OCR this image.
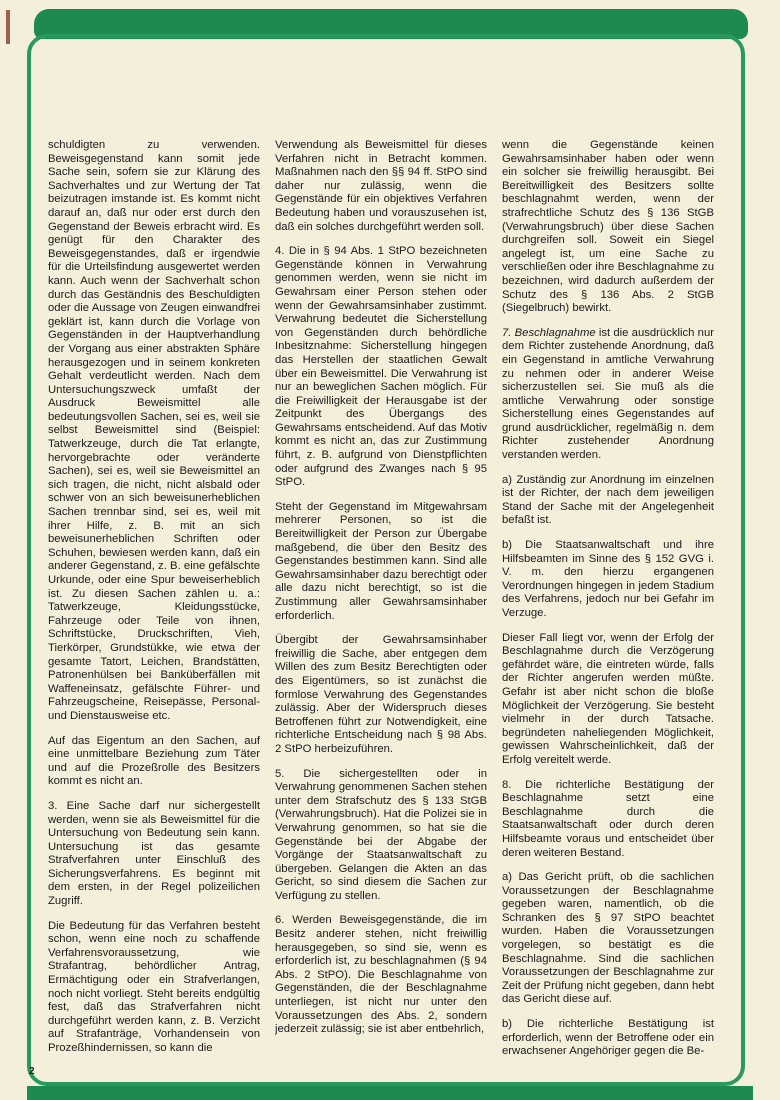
schuldigten zu verwenden. Beweisgegenstand kann somit jede Sache sein, sofern sie zur Klärung des Sachverhaltes und zur Wertung der Tat beizutragen imstande ist. Es kommt nicht darauf an, daß nur oder erst durch den Gegenstand der Beweis erbracht wird. Es genügt für den Charakter des Beweisgegenstandes, daß er irgendwie für die Urteilsfindung ausgewertet werden kann. Auch wenn der Sachverhalt schon durch das Geständnis des Beschuldigten oder die Aussage von Zeugen einwandfrei geklärt ist, kann durch die Vorlage von Gegenständen in der Hauptverhandlung der Vorgang aus einer abstrakten Sphäre herausgezogen und in seinem konkreten Gehalt verdeutlicht werden. Nach dem Untersuchungszweck umfaßt der Ausdruck Beweismittel alle bedeutungsvollen Sachen, sei es, weil sie selbst Beweismittel sind (Beispiel: Tatwerkzeuge, durch die Tat erlangte, hervorgebrachte oder veränderte Sachen), sei es, weil sie Beweismittel an sich tragen, die nicht, nicht alsbald oder schwer von an sich beweisunerheblichen Sachen trennbar sind, sei es, weil mit ihrer Hilfe, z. B. mit an sich beweisunerheblichen Schriften oder Schuhen, bewiesen werden kann, daß ein anderer Gegenstand, z. B. eine gefälschte Urkunde, oder eine Spur beweiserheblich ist. Zu diesen Sachen zählen u. a.: Tatwerkzeuge, Kleidungsstücke, Fahrzeuge oder Teile von ihnen, Schriftstücke, Druckschriften, Vieh, Tierkörper, Grundstükke, wie etwa der gesamte Tatort, Leichen, Brandstätten, Patronenhülsen bei Banküberfällen mit Waffeneinsatz, gefälschte Führer- und Fahrzeugscheine, Reisepässe, Personal- und Dienstausweise etc.

Auf das Eigentum an den Sachen, auf eine unmittelbare Beziehung zum Täter und auf die Prozeßrolle des Besitzers kommt es nicht an.

3. Eine Sache darf nur sichergestellt werden, wenn sie als Beweismittel für die Untersuchung von Bedeutung sein kann. Untersuchung ist das gesamte Strafverfahren unter Einschluß des Sicherungsverfahrens. Es beginnt mit dem ersten, in der Regel polizeilichen Zugriff.

Die Bedeutung für das Verfahren besteht schon, wenn eine noch zu schaffende Verfahrensvoraussetzung, wie Strafantrag, behördlicher Antrag, Ermächtigung oder ein Strafverlangen, noch nicht vorliegt. Steht bereits endgültig fest, daß das Strafverfahren nicht durchgeführt werden kann, z. B. Verzicht auf Strafanträge, Vorhandensein von Prozeßhindernissen, so kann die

Verwendung als Beweismittel für dieses Verfahren nicht in Betracht kommen. Maßnahmen nach den §§ 94 ff. StPO sind daher nur zulässig, wenn die Gegenstände für ein objektives Verfahren Bedeutung haben und vorauszusehen ist, daß ein solches durchgeführt werden soll.

4. Die in § 94 Abs. 1 StPO bezeichneten Gegenstände können in Verwahrung genommen werden, wenn sie nicht im Gewahrsam einer Person stehen oder wenn der Gewahrsamsinhaber zustimmt. Verwahrung bedeutet die Sicherstellung von Gegenständen durch behördliche Inbesitznahme: Sicherstellung hingegen das Herstellen der staatlichen Gewalt über ein Beweismittel. Die Verwahrung ist nur an beweglichen Sachen möglich. Für die Freiwilligkeit der Herausgabe ist der Zeitpunkt des Übergangs des Gewahrsams entscheidend. Auf das Motiv kommt es nicht an, das zur Zustimmung führt, z. B. aufgrund von Dienstpflichten oder aufgrund des Zwanges nach § 95 StPO.

Steht der Gegenstand im Mitgewahrsam mehrerer Personen, so ist die Bereitwilligkeit der Person zur Übergabe maßgebend, die über den Besitz des Gegenstandes bestimmen kann. Sind alle Gewahrsamsinhaber dazu berechtigt oder alle dazu nicht berechtigt, so ist die Zustimmung aller Gewahrsamsinhaber erforderlich.

Übergibt der Gewahrsamsinhaber freiwillig die Sache, aber entgegen dem Willen des zum Besitz Berechtigten oder des Eigentümers, so ist zunächst die formlose Verwahrung des Gegenstandes zulässig. Aber der Widerspruch dieses Betroffenen führt zur Notwendigkeit, eine richterliche Entscheidung nach § 98 Abs. 2 StPO herbeizuführen.

5. Die sichergestellten oder in Verwahrung genommenen Sachen stehen unter dem Strafschutz des § 133 StGB (Verwahrungsbruch). Hat die Polizei sie in Verwahrung genommen, so hat sie die Gegenstände bei der Abgabe der Vorgänge der Staatsanwaltschaft zu übergeben. Gelangen die Akten an das Gericht, so sind diesem die Sachen zur Verfügung zu stellen.

6. Werden Beweisgegenstände, die im Besitz anderer stehen, nicht freiwillig herausgegeben, so sind sie, wenn es erforderlich ist, zu beschlagnahmen (§ 94 Abs. 2 StPO). Die Beschlagnahme von Gegenständen, die der Beschlagnahme unterliegen, ist nicht nur unter den Voraussetzungen des Abs. 2, sondern jederzeit zulässig; sie ist aber entbehrlich,

wenn die Gegenstände keinen Gewahrsamsinhaber haben oder wenn ein solcher sie freiwillig herausgibt. Bei Bereitwilligkeit des Besitzers sollte beschlagnahmt werden, wenn der strafrechtliche Schutz des § 136 StGB (Verwahrungsbruch) über diese Sachen durchgreifen soll. Soweit ein Siegel angelegt ist, um eine Sache zu verschließen oder ihre Beschlagnahme zu bezeichnen, wird dadurch außerdem der Schutz des § 136 Abs. 2 StGB (Siegelbruch) bewirkt.

7. Beschlagnahme ist die ausdrücklich nur dem Richter zustehende Anordnung, daß ein Gegenstand in amtliche Verwahrung zu nehmen oder in anderer Weise sicherzustellen sei. Sie muß als die amtliche Verwahrung oder sonstige Sicherstellung eines Gegenstandes auf grund ausdrücklicher, regelmäßig n. dem Richter zustehender Anordnung verstanden werden.

a) Zuständig zur Anordnung im einzelnen ist der Richter, der nach dem jeweiligen Stand der Sache mit der Angelegenheit befaßt ist.

b) Die Staatsanwaltschaft und ihre Hilfsbeamten im Sinne des § 152 GVG i. V. m. den hierzu ergangenen Verordnungen hingegen in jedem Stadium des Verfahrens, jedoch nur bei Gefahr im Verzuge.

Dieser Fall liegt vor, wenn der Erfolg der Beschlagnahme durch die Verzögerung gefährdet wäre, die eintreten würde, falls der Richter angerufen werden müßte. Gefahr ist aber nicht schon die bloße Möglichkeit der Verzögerung. Sie besteht vielmehr in der durch Tatsache. begründeten naheliegenden Möglichkeit, gewissen Wahrscheinlichkeit, daß der Erfolg vereitelt werde.

8. Die richterliche Bestätigung der Beschlagnahme setzt eine Beschlagnahme durch die Staatsanwaltschaft oder durch deren Hilfsbeamte voraus und entscheidet über deren weiteren Bestand.

a) Das Gericht prüft, ob die sachlichen Voraussetzungen der Beschlagnahme gegeben waren, namentlich, ob die Schranken des § 97 StPO beachtet wurden. Haben die Voraussetzungen vorgelegen, so bestätigt es die Beschlagnahme. Sind die sachlichen Voraussetzungen der Beschlagnahme zur Zeit der Prüfung nicht gegeben, dann hebt das Gericht diese auf.

b) Die richterliche Bestätigung ist erforderlich, wenn der Betroffene oder ein erwachsener Angehöriger gegen die Be-

2
